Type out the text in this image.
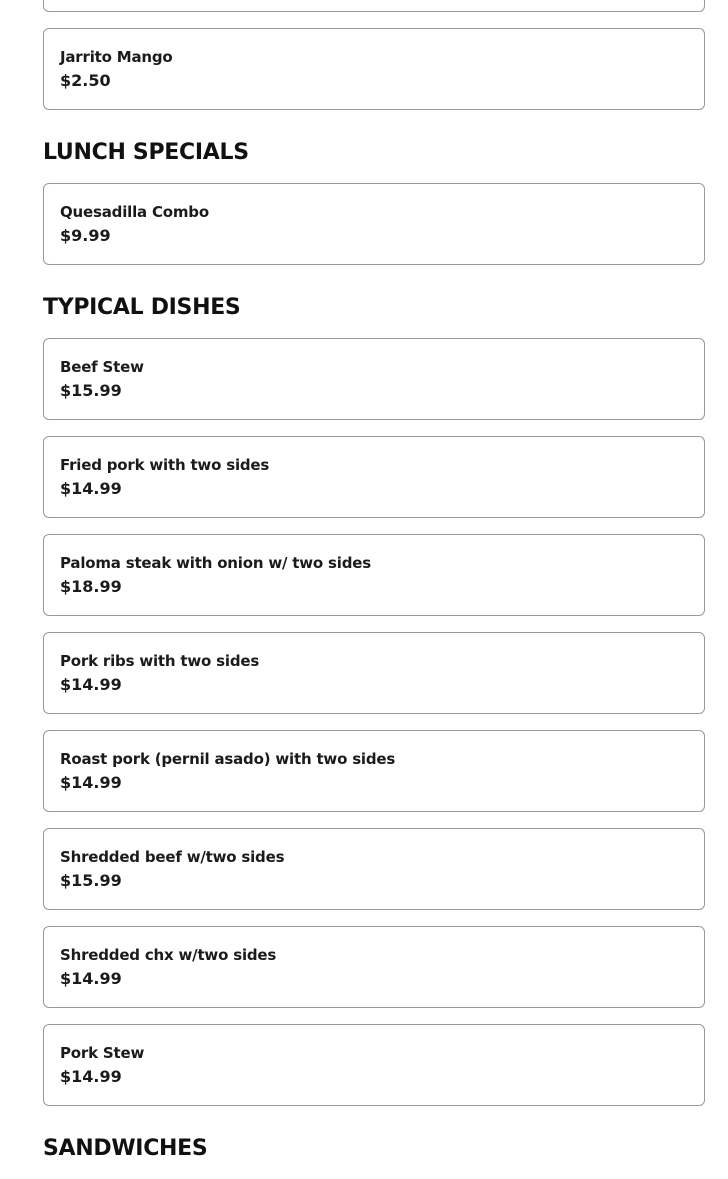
Jarrito Mango
$2.50
LUNCH SPECIALS
Quesadilla Combo
$9.99
TYPICAL DISHES
Beef Stew
$15.99
Fried pork with two sides
$14.99
Paloma steak with onion w/ two sides
$18.99
Pork ribs with two sides
$14.99
Roast pork (pernil asado) with two sides
$14.99
Shredded beef w/two sides
$15.99
Shredded chx w/two sides
$14.99
Pork Stew
$14.99
SANDWICHES
